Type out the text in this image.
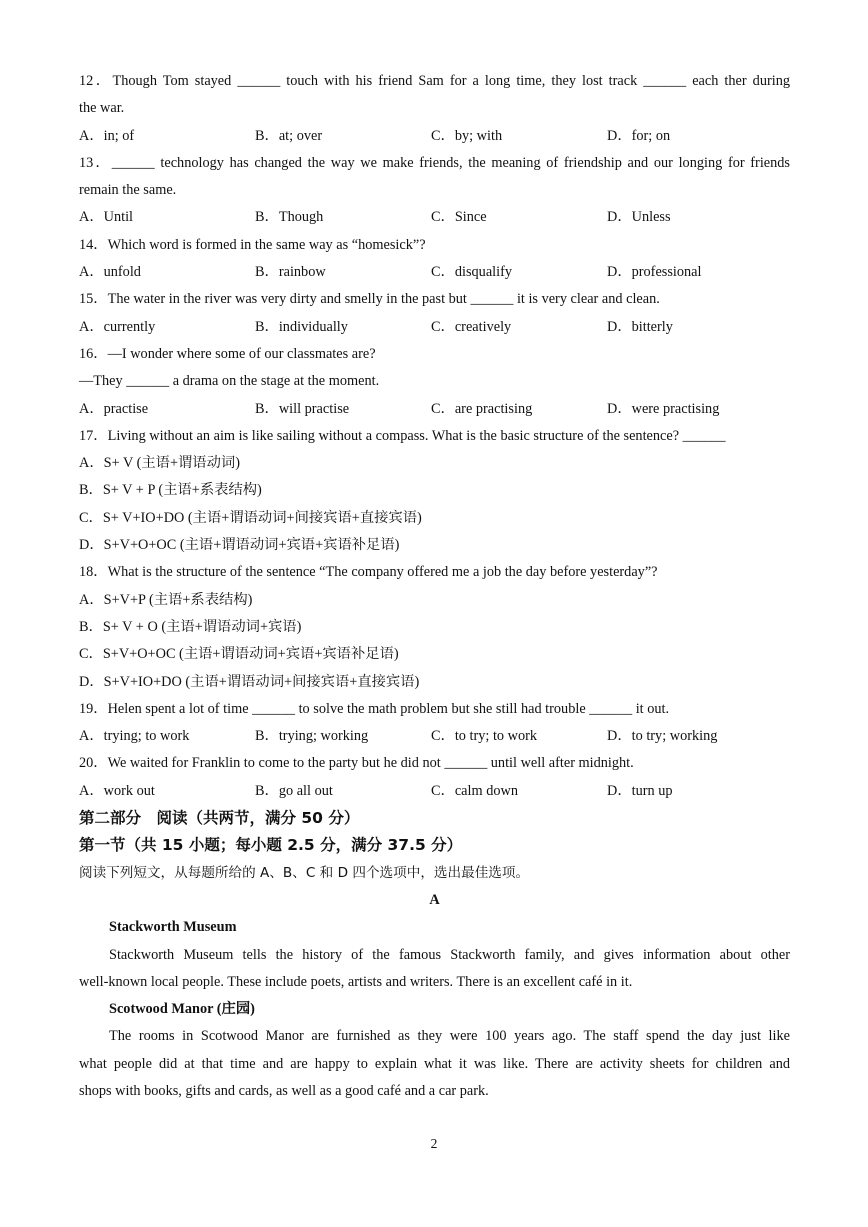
12．Though Tom stayed ______ touch with his friend Sam for a long time, they lost track ______ each ther during
the war.
A．in; of	B．at; over	C．by; with	D．for; on
13．______ technology has changed the way we make friends, the meaning of friendship and our longing for friends
remain the same.
A．Until	B．Though	C．Since	D．Unless
14．Which word is formed in the same way as “homesick”?
A．unfold	B．rainbow	C．disqualify	D．professional
15．The water in the river was very dirty and smelly in the past but ______ it is very clear and clean.
A．currently	B．individually	C．creatively	D．bitterly
16．—I wonder where some of our classmates are?
—They ______ a drama on the stage at the moment.
A．practise	B．will practise	C．are practising	D．were practising
17．Living without an aim is like sailing without a compass. What is the basic structure of the sentence? ______
A．S+ V (主语+谓语动词)
B．S+ V + P (主语+系表结构)
C．S+ V+IO+DO (主语+谓语动词+间接宾语+直接宾语)
D．S+V+O+OC (主语+谓语动词+宾语+宾语补足语)
18．What is the structure of the sentence “The company offered me a job the day before yesterday”?
A．S+V+P (主语+系表结构)
B．S+ V + O (主语+谓语动词+宾语)
C．S+V+O+OC (主语+谓语动词+宾语+宾语补足语)
D．S+V+IO+DO (主语+谓语动词+间接宾语+直接宾语)
19．Helen spent a lot of time ______ to solve the math problem but she still had trouble ______ it out.
A．trying; to work	B．trying; working	C．to try; to work	D．to try; working
20．We waited for Franklin to come to the party but he did not ______ until well after midnight.
A．work out	B．go all out	C．calm down	D．turn up
第二部分　阅读（共两节，满分 50 分）
第一节（共 15 小题；每小题 2.5 分，满分 37.5 分）
阅读下列短文，从每题所给的 A、B、C 和 D 四个选项中，选出最佳选项。
A
Stackworth Museum
Stackworth Museum tells the history of the famous Stackworth family, and gives information about other
well-known local people. These include poets, artists and writers. There is an excellent café in it.
Scotwood Manor (庄园)
The rooms in Scotwood Manor are furnished as they were 100 years ago. The staff spend the day just like
what people did at that time and are happy to explain what it was like. There are activity sheets for children and
shops with books, gifts and cards, as well as a good café and a car park.
2
